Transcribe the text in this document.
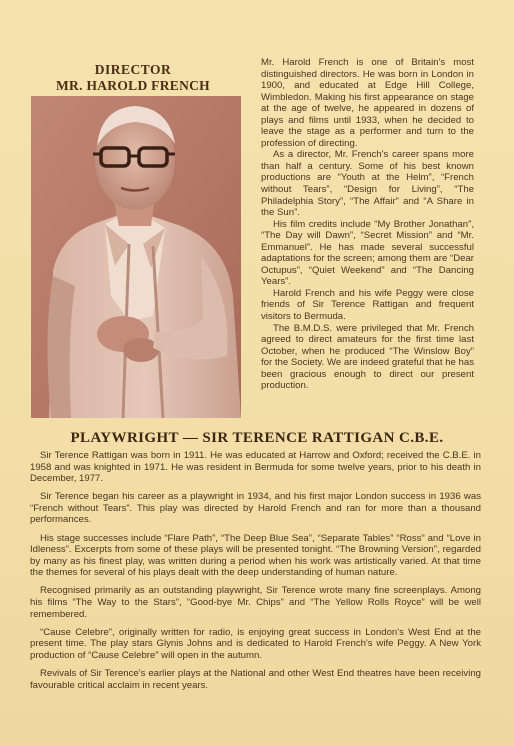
DIRECTOR
MR. HAROLD FRENCH

Mr. Harold French is one of Britain's most distinguished directors. He was born in London in 1900, and educated at Edge Hill College, Wimbledon. Making his first appearance on stage at the age of twelve, he appeared in dozens of plays and films until 1933, when he decided to leave the stage as a performer and turn to the profession of directing.

As a director, Mr. French's career spans more than half a century. Some of his best known productions are “Youth at the Helm”, “French without Tears”, “Design for Living”, “The Philadelphia Story”, “The Affair” and “A Share in the Sun”.

His film credits include “My Brother Jonathan”, “The Day will Dawn”, “Secret Mission” and “Mr. Emmanuel”. He has made several successful adaptations for the screen; among them are “Dear Octupus”, “Quiet Weekend” and “The Dancing Years”.

Harold French and his wife Peggy were close friends of Sir Terence Rattigan and frequent visitors to Bermuda.

The B.M.D.S. were privileged that Mr. French agreed to direct amateurs for the first time last October, when he produced “The Winslow Boy” for the Society. We are indeed grateful that he has been gracious enough to direct our present production.

PLAYWRIGHT — SIR TERENCE RATTIGAN C.B.E.

Sir Terence Rattigan was born in 1911. He was educated at Harrow and Oxford; received the C.B.E. in 1958 and was knighted in 1971. He was resident in Bermuda for some twelve years, prior to his death in December, 1977.

Sir Terence began his career as a playwright in 1934, and his first major London success in 1936 was “French without Tears”. This play was directed by Harold French and ran for more than a thousand performances.

His stage successes include “Flare Path”, “The Deep Blue Sea”, “Separate Tables” “Ross” and “Love in Idleness”. Excerpts from some of these plays will be presented tonight. “The Browning Version”, regarded by many as his finest play, was written during a period when his work was artistically varied. At that time the themes for several of his plays dealt with the deep understanding of human nature.

Recognised primarily as an outstanding playwright, Sir Terence wrote many fine screenplays. Among his films “The Way to the Stars”, “Good-bye Mr. Chips” and “The Yellow Rolls Royce” will be well remembered.

“Cause Celebre”, originally written for radio, is enjoying great success in London's West End at the present time. The play stars Glynis Johns and is dedicated to Harold French's wife Peggy. A New York production of “Cause Celebre” will open in the autumn.

Revivals of Sir Terence's earlier plays at the National and other West End theatres have been receiving favourable critical acclaim in recent years.
